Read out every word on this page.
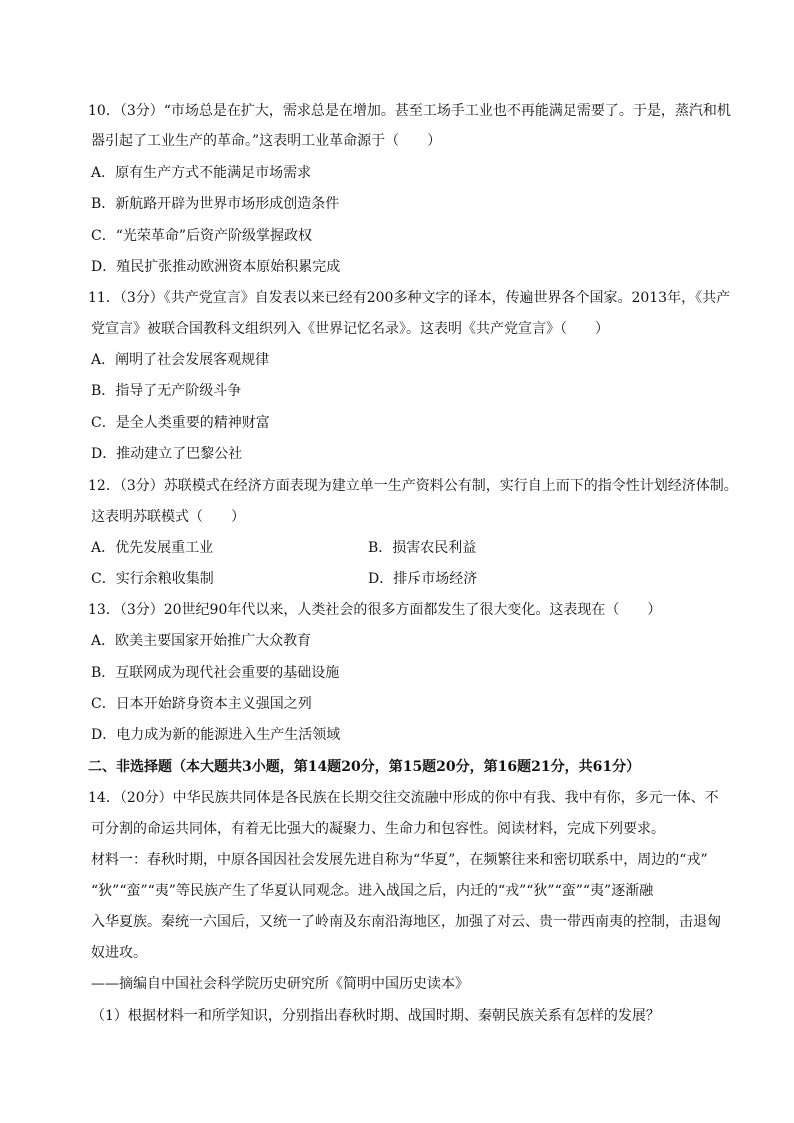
10．（3分）“市场总是在扩大，需求总是在增加。甚至工场手工业也不再能满足需要了。于是，蒸汽和机
器引起了工业生产的革命。”这表明工业革命源于（　　）
A．原有生产方式不能满足市场需求
B．新航路开辟为世界市场形成创造条件
C．“光荣革命”后资产阶级掌握政权
D．殖民扩张推动欧洲资本原始积累完成
11．（3分）《共产党宣言》自发表以来已经有200多种文字的译本，传遍世界各个国家。2013年，《共产
党宣言》被联合国教科文组织列入《世界记忆名录》。这表明《共产党宣言》（　　）
A．阐明了社会发展客观规律
B．指导了无产阶级斗争
C．是全人类重要的精神财富
D．推动建立了巴黎公社
12．（3分）苏联模式在经济方面表现为建立单一生产资料公有制，实行自上而下的指令性计划经济体制。
这表明苏联模式（　　）
A．优先发展重工业	B．损害农民利益
C．实行余粮收集制	D．排斥市场经济
13．（3分）20世纪90年代以来，人类社会的很多方面都发生了很大变化。这表现在（　　）
A．欧美主要国家开始推广大众教育
B．互联网成为现代社会重要的基础设施
C．日本开始跻身资本主义强国之列
D．电力成为新的能源进入生产生活领域
二、非选择题（本大题共3小题，第14题20分，第15题20分，第16题21分，共61分）
14．（20分）中华民族共同体是各民族在长期交往交流融中形成的你中有我、我中有你，多元一体、不
可分割的命运共同体，有着无比强大的凝聚力、生命力和包容性。阅读材料，完成下列要求。
材料一：春秋时期，中原各国因社会发展先进自称为“华夏”，在频繁往来和密切联系中，周边的“戎”
“狄”“蛮”“夷”等民族产生了华夏认同观念。进入战国之后，内迁的“戎”“狄”“蛮”“夷”逐渐融
入华夏族。秦统一六国后，又统一了岭南及东南沿海地区，加强了对云、贵一带西南夷的控制，击退匈
奴进攻。
——摘编自中国社会科学院历史研究所《简明中国历史读本》
（1）根据材料一和所学知识，分别指出春秋时期、战国时期、秦朝民族关系有怎样的发展？
